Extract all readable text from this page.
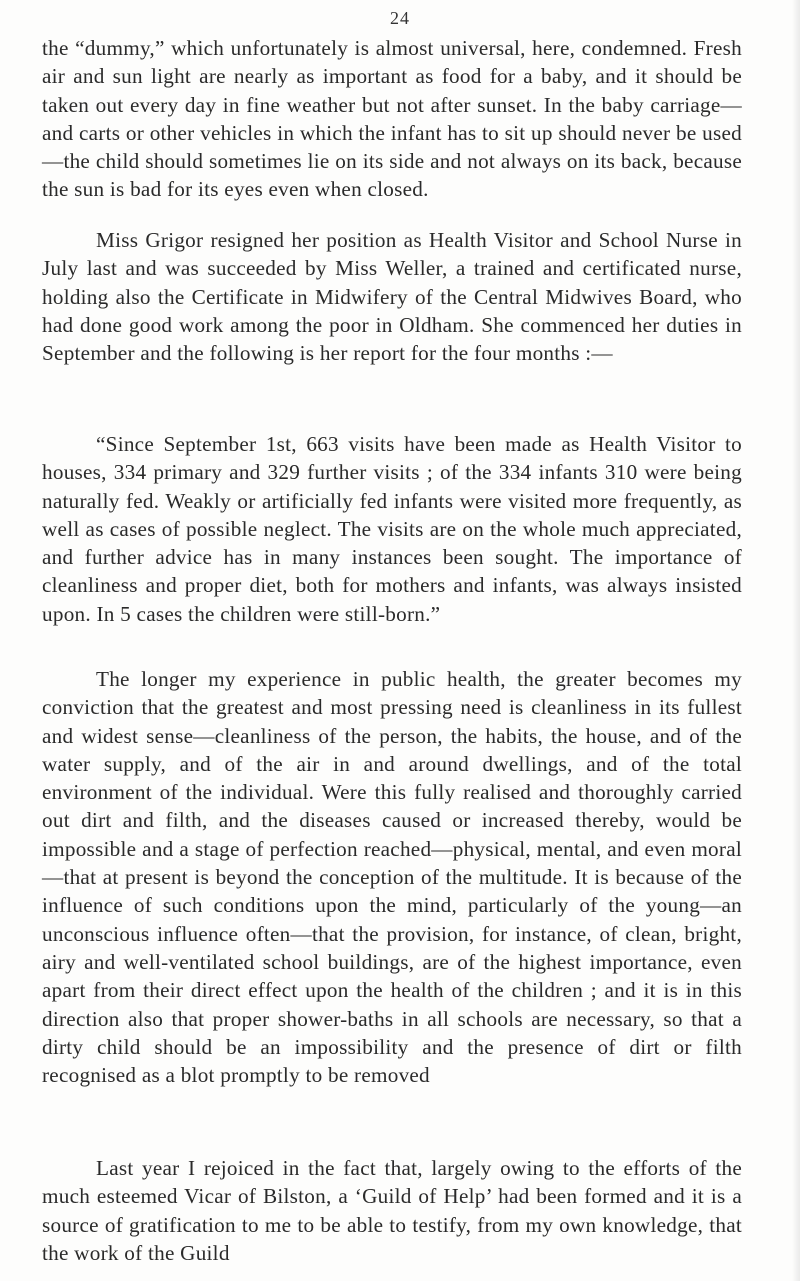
24

the “dummy,” which unfortunately is almost universal, here, condemned. Fresh air and sun light are nearly as important as food for a baby, and it should be taken out every day in fine weather but not after sunset. In the baby carriage—and carts or other vehicles in which the infant has to sit up should never be used—the child should sometimes lie on its side and not always on its back, because the sun is bad for its eyes even when closed.

Miss Grigor resigned her position as Health Visitor and School Nurse in July last and was succeeded by Miss Weller, a trained and certificated nurse, holding also the Certificate in Midwifery of the Central Midwives Board, who had done good work among the poor in Oldham. She commenced her duties in September and the following is her report for the four months :—

“Since September 1st, 663 visits have been made as Health Visitor to houses, 334 primary and 329 further visits ; of the 334 infants 310 were being naturally fed. Weakly or artificially fed infants were visited more frequently, as well as cases of possible neglect. The visits are on the whole much appreciated, and further advice has in many instances been sought. The importance of cleanliness and proper diet, both for mothers and infants, was always insisted upon. In 5 cases the children were still-born.”

The longer my experience in public health, the greater becomes my conviction that the greatest and most pressing need is cleanliness in its fullest and widest sense—cleanliness of the person, the habits, the house, and of the water supply, and of the air in and around dwellings, and of the total environment of the individual. Were this fully realised and thoroughly carried out dirt and filth, and the diseases caused or increased thereby, would be impossible and a stage of perfection reached—physical, mental, and even moral—that at present is beyond the conception of the multitude. It is because of the influence of such conditions upon the mind, particularly of the young—an unconscious influence often—that the provision, for instance, of clean, bright, airy and well-ventilated school buildings, are of the highest importance, even apart from their direct effect upon the health of the children ; and it is in this direction also that proper shower-baths in all schools are necessary, so that a dirty child should be an impossibility and the presence of dirt or filth recognised as a blot promptly to be removed

Last year I rejoiced in the fact that, largely owing to the efforts of the much esteemed Vicar of Bilston, a ‘Guild of Help’ had been formed and it is a source of gratification to me to be able to testify, from my own knowledge, that the work of the Guild
